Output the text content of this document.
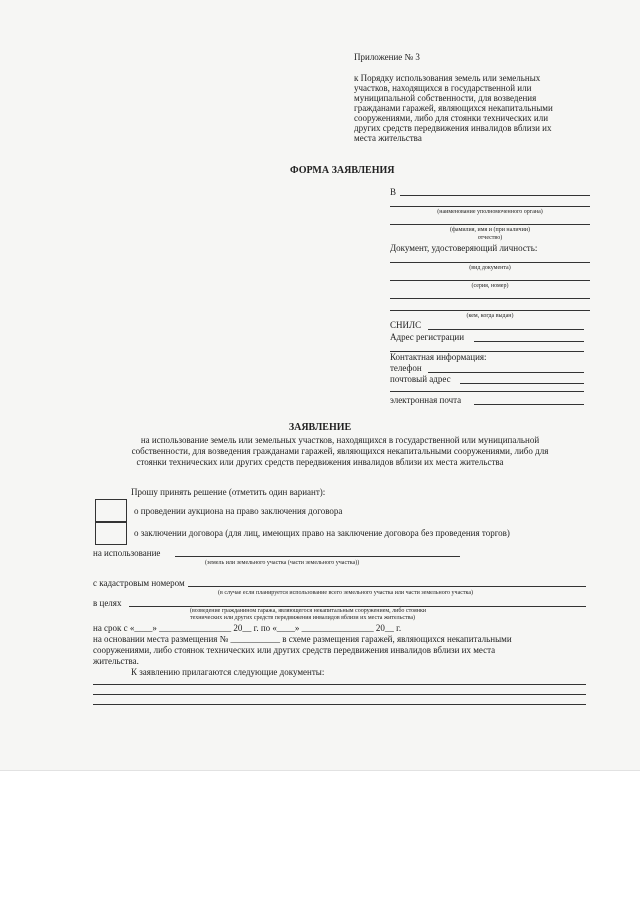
Приложение № 3
к Порядку использования земель или земельных
участков, находящихся в государственной или
муниципальной собственности, для возведения
гражданами гаражей, являющихся некапитальными
сооружениями, либо для стоянки технических или
других средств передвижения инвалидов вблизи их
места жительства
ФОРМА ЗАЯВЛЕНИЯ
В
(наименование уполномоченного органа)
(фамилия, имя и (при наличии)
отчество)
Документ, удостоверяющий личность:
(вид документа)
(серия, номер)
(кем, когда выдан)
СНИЛС
Адрес регистрации
Контактная информация:
телефон
почтовый адрес
электронная почта
ЗАЯВЛЕНИЕ
на использование земель или земельных участков, находящихся в государственной или муниципальной
собственности, для возведения гражданами гаражей, являющихся некапитальными сооружениями, либо для
стоянки технических или других средств передвижения инвалидов вблизи их места жительства
Прошу принять решение (отметить один вариант):
о проведении аукциона на право заключения договора
о заключении договора (для лиц, имеющих право на заключение договора без проведения торгов)
на использование
(земель или земельного участка (части земельного участка))
с кадастровым номером
(в случае если планируется использование всего земельного участка или части земельного участка)
в целях
(возведение гражданином гаража, являющегося некапитальным сооружением, либо стоянки
технических или других средств передвижения инвалидов вблизи их места жительства)
на срок с «____» ________________ 20__ г. по «____» ________________ 20__ г.
на основании места размещения № ___________ в схеме размещения гаражей, являющихся некапитальными
сооружениями, либо стоянок технических или других средств передвижения инвалидов вблизи их места
жительства.
К заявлению прилагаются следующие документы:
